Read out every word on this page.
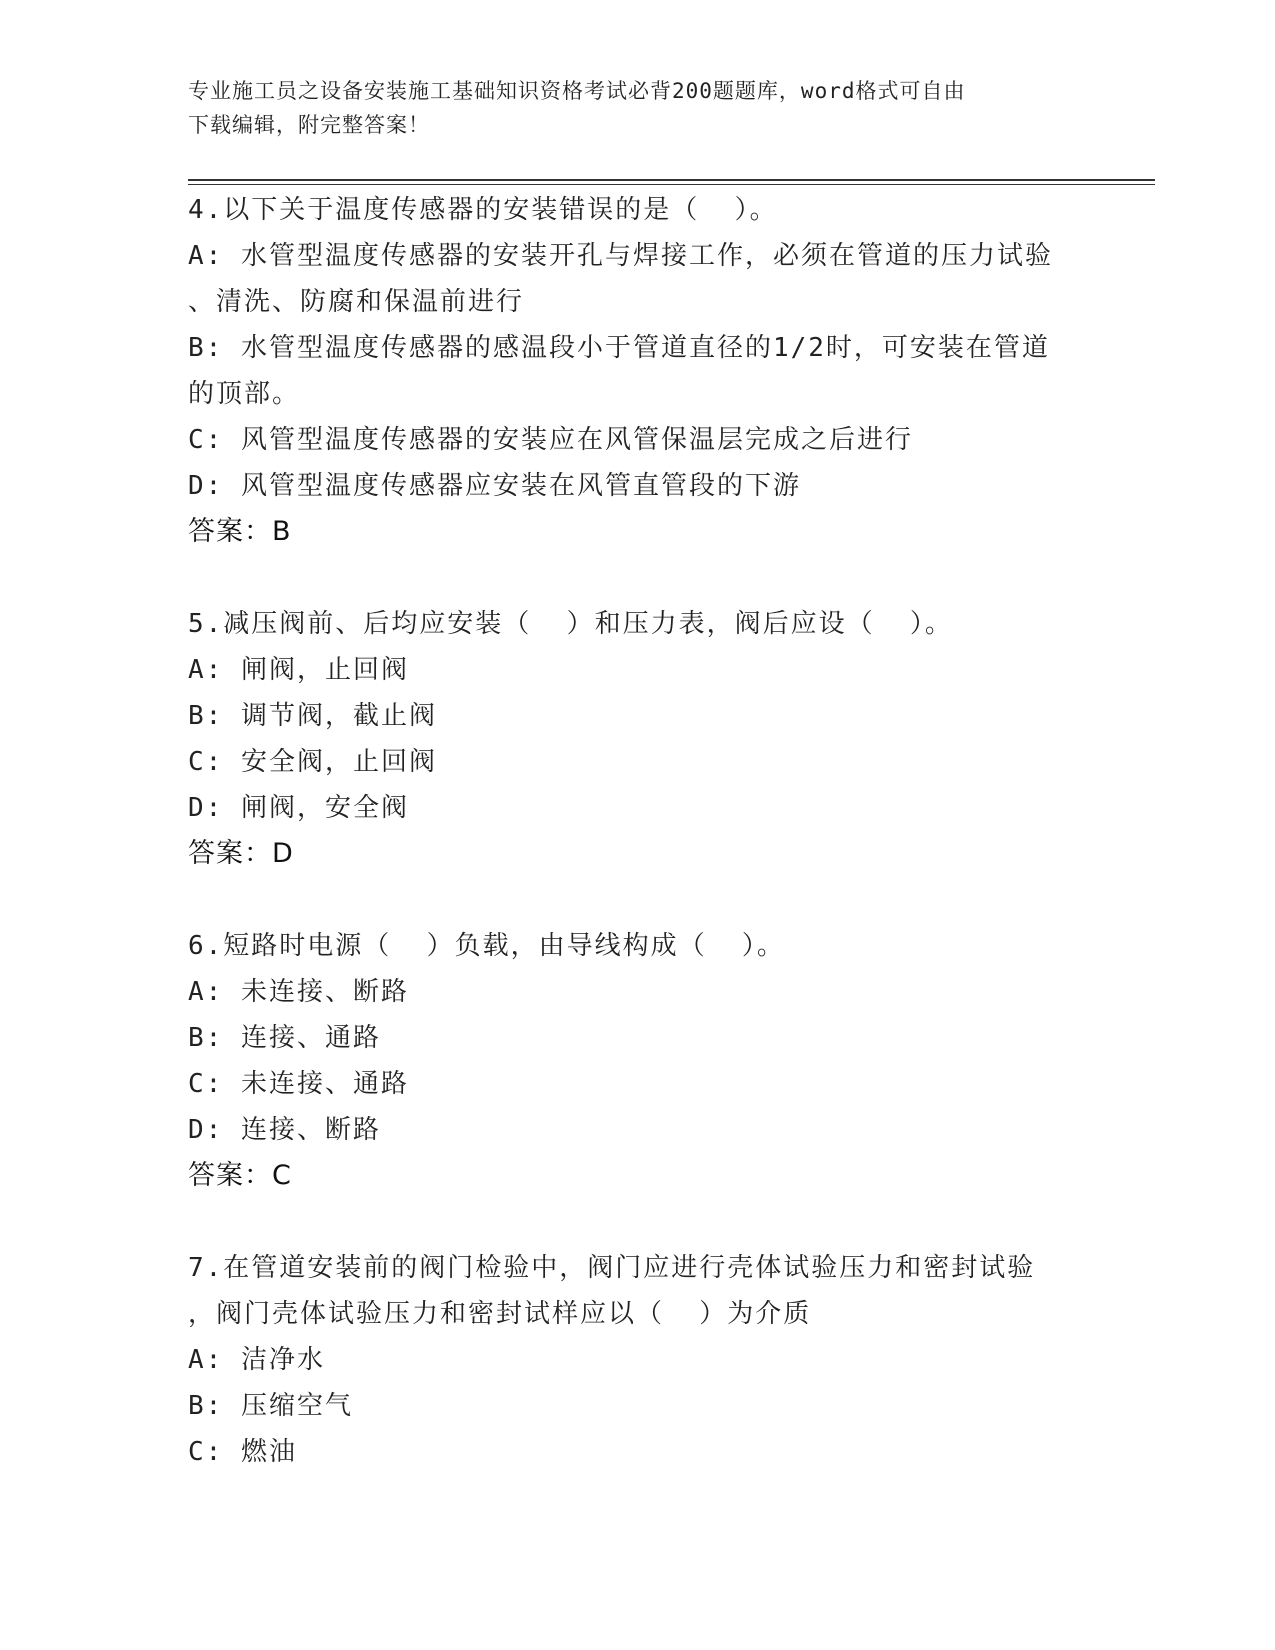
专业施工员之设备安装施工基础知识资格考试必背200题题库，word格式可自由
下载编辑，附完整答案！
4.以下关于温度传感器的安装错误的是（  ）。
A: 水管型温度传感器的安装开孔与焊接工作，必须在管道的压力试验
、清洗、防腐和保温前进行
B: 水管型温度传感器的感温段小于管道直径的1/2时，可安装在管道
的顶部。
C: 风管型温度传感器的安装应在风管保温层完成之后进行
D: 风管型温度传感器应安装在风管直管段的下游
答案：B
5.减压阀前、后均应安装（  ）和压力表，阀后应设（  ）。
A: 闸阀，止回阀
B: 调节阀，截止阀
C: 安全阀，止回阀
D: 闸阀，安全阀
答案：D
6.短路时电源（  ）负载，由导线构成（  ）。
A: 未连接、断路
B: 连接、通路
C: 未连接、通路
D: 连接、断路
答案：C
7.在管道安装前的阀门检验中，阀门应进行壳体试验压力和密封试验
，阀门壳体试验压力和密封试样应以（  ）为介质
A: 洁净水
B: 压缩空气
C: 燃油
